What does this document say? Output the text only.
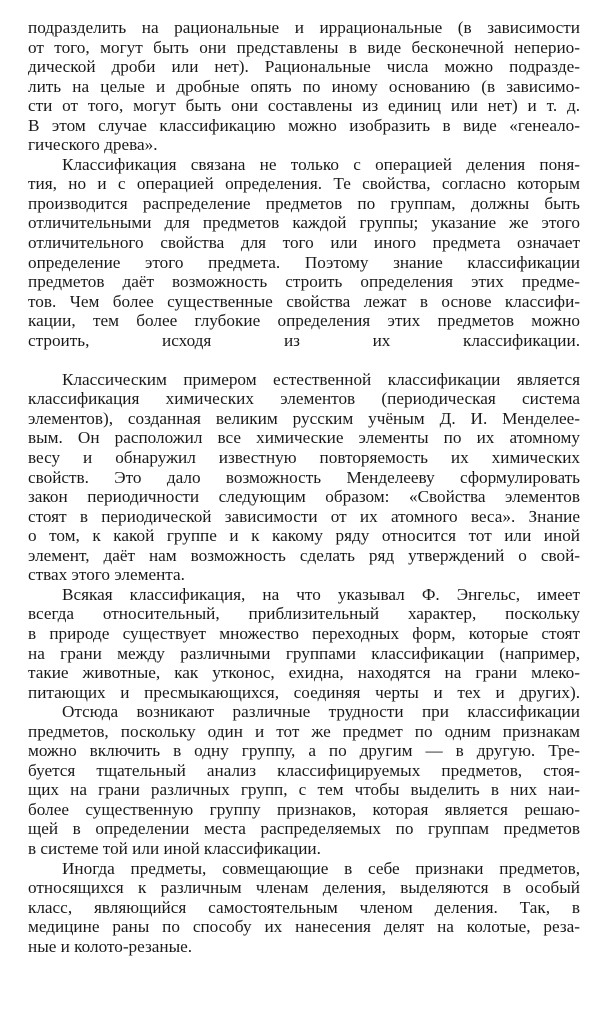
подразделить на рациональные и иррациональные (в зависимости
от того, могут быть они представлены в виде бесконечной неперио-
дической дроби или нет). Рациональные числа можно подразде-
лить на целые и дробные опять по иному основанию (в зависимо-
сти от того, могут быть они составлены из единиц или нет) и т. д.
В этом случае классификацию можно изобразить в виде «генеало-
гического древа».
Классификация связана не только с операцией деления поня-
тия, но и с операцией определения. Те свойства, согласно которым
производится распределение предметов по группам, должны быть
отличительными для предметов каждой группы; указание же этого
отличительного свойства для того или иного предмета означает
определение этого предмета. Поэтому знание классификации
предметов даёт возможность строить определения этих предме-
тов. Чем более существенные свойства лежат в основе классифи-
кации, тем более глубокие определения этих предметов можно
строить, исходя из их классификации.
Классическим примером естественной классификации является
классификация химических элементов (периодическая система
элементов), созданная великим русским учёным Д. И. Менделее-
вым. Он расположил все химические элементы по их атомному
весу и обнаружил известную повторяемость их химических
свойств. Это дало возможность Менделееву сформулировать
закон периодичности следующим образом: «Свойства элементов
стоят в периодической зависимости от их атомного веса». Знание
о том, к какой группе и к какому ряду относится тот или иной
элемент, даёт нам возможность сделать ряд утверждений о свой-
ствах этого элемента.
Всякая классификация, на что указывал Ф. Энгельс, имеет
всегда относительный, приблизительный характер, поскольку
в природе существует множество переходных форм, которые стоят
на грани между различными группами классификации (например,
такие животные, как утконос, ехидна, находятся на грани млеко-
питающих и пресмыкающихся, соединяя черты и тех и других).
Отсюда возникают различные трудности при классификации
предметов, поскольку один и тот же предмет по одним признакам
можно включить в одну группу, а по другим — в другую. Тре-
буется тщательный анализ классифицируемых предметов, стоя-
щих на грани различных групп, с тем чтобы выделить в них наи-
более существенную группу признаков, которая является решаю-
щей в определении места распределяемых по группам предметов
в системе той или иной классификации.
Иногда предметы, совмещающие в себе признаки предметов,
относящихся к различным членам деления, выделяются в особый
класс, являющийся самостоятельным членом деления. Так, в
медицине раны по способу их нанесения делят на колотые, реза-
ные и колото-резаные.
